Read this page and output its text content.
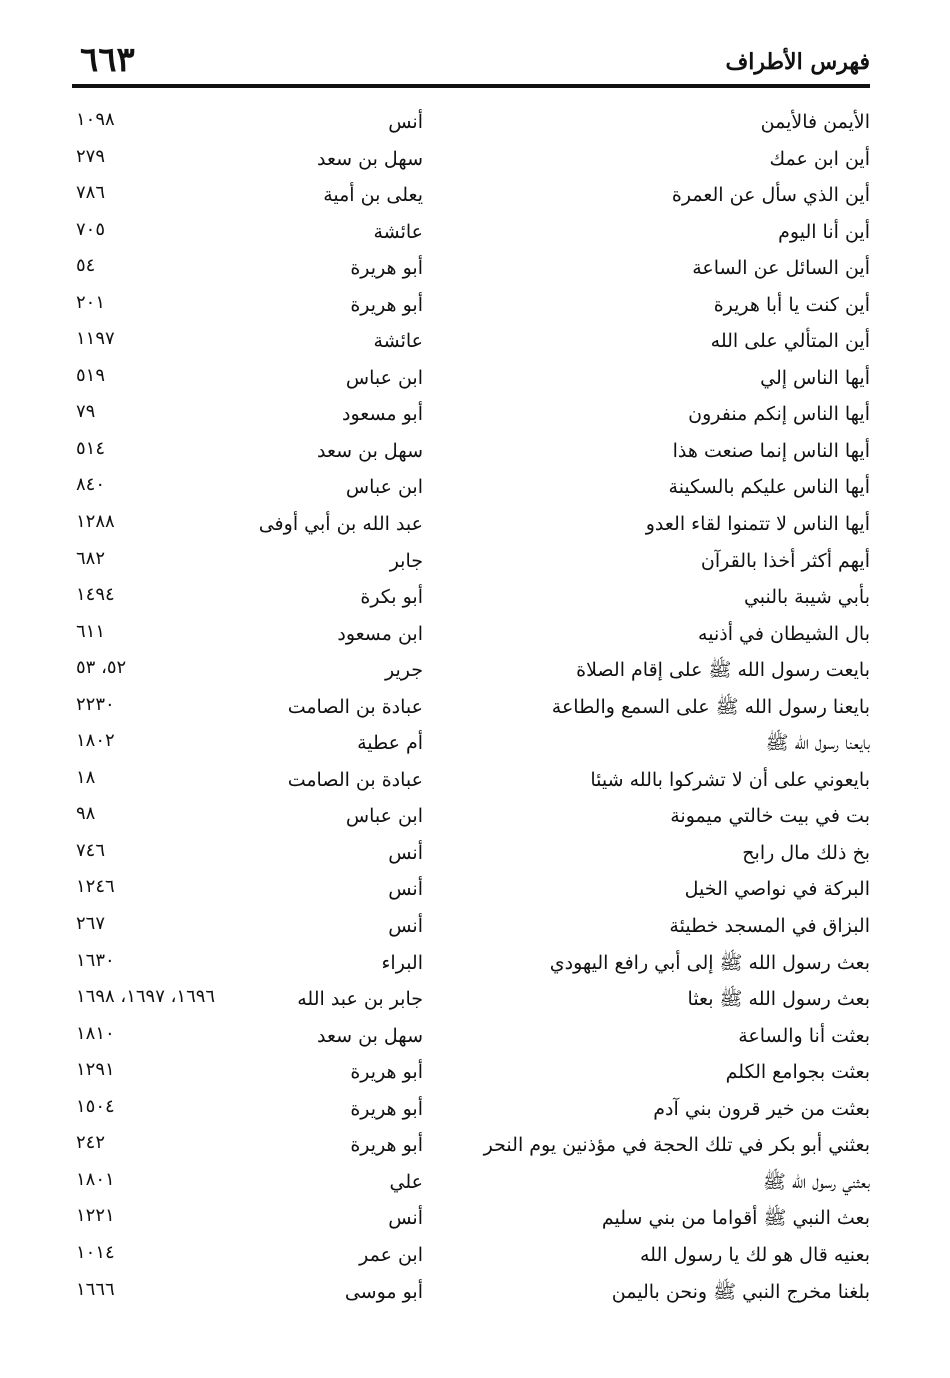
٦٦٣	فهرس الأطراف
الأيمن فالأيمن
أنس
١٠٩٨
أين ابن عمك
سهل بن سعد
٢٧٩
أين الذي سأل عن العمرة
يعلى بن أمية
٧٨٦
أين أنا اليوم
عائشة
٧٠٥
أين السائل عن الساعة
أبو هريرة
٥٤
أين كنت يا أبا هريرة
أبو هريرة
٢٠١
أين المتألي على الله
عائشة
١١٩٧
أيها الناس إلي
ابن عباس
٥١٩
أيها الناس إنكم منفرون
أبو مسعود
٧٩
أيها الناس إنما صنعت هذا
سهل بن سعد
٥١٤
أيها الناس عليكم بالسكينة
ابن عباس
٨٤٠
أيها الناس لا تتمنوا لقاء العدو
عبد الله بن أبي أوفى
١٢٨٨
أيهم أكثر أخذا بالقرآن
جابر
٦٨٢
بأبي شيبة بالنبي
أبو بكرة
١٤٩٤
بال الشيطان في أذنيه
ابن مسعود
٦١١
بايعت رسول الله ﷺ على إقام الصلاة
جرير
٥٢، ٥٣
بايعنا رسول الله ﷺ على السمع والطاعة
عبادة بن الصامت
٢٢٣٠
بايعنا رسول الله ﷺ
أم عطية
١٨٠٢
بايعوني على أن لا تشركوا بالله شيئا
عبادة بن الصامت
١٨
بت في بيت خالتي ميمونة
ابن عباس
٩٨
بخ ذلك مال رابح
أنس
٧٤٦
البركة في نواصي الخيل
أنس
١٢٤٦
البزاق في المسجد خطيئة
أنس
٢٦٧
بعث رسول الله ﷺ إلى أبي رافع اليهودي
البراء
١٦٣٠
بعث رسول الله ﷺ بعثا
جابر بن عبد الله
١٦٩٦، ١٦٩٧، ١٦٩٨
بعثت أنا والساعة
سهل بن سعد
١٨١٠
بعثت بجوامع الكلم
أبو هريرة
١٢٩١
بعثت من خير قرون بني آدم
أبو هريرة
١٥٠٤
بعثني أبو بكر في تلك الحجة في مؤذنين يوم النحر
أبو هريرة
٢٤٢
بعثني رسول الله ﷺ
علي
١٨٠١
بعث النبي ﷺ أقواما من بني سليم
أنس
١٢٢١
بعنيه قال هو لك يا رسول الله
ابن عمر
١٠١٤
بلغنا مخرج النبي ﷺ ونحن باليمن
أبو موسى
١٦٦٦
